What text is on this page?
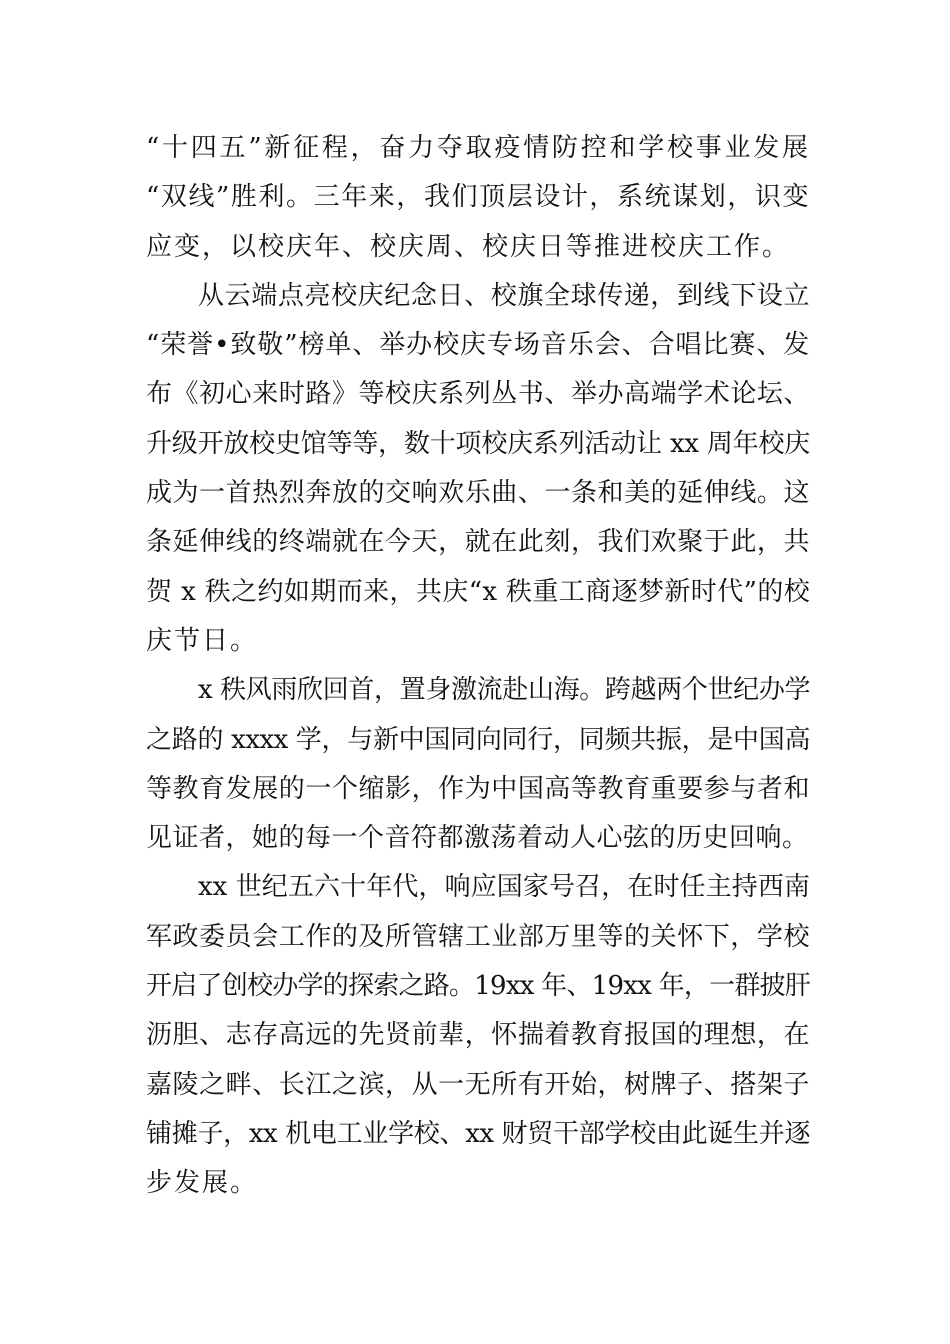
“十四五”新征程，奋力夺取疫情防控和学校事业发展
“双线”胜利。三年来，我们顶层设计，系统谋划，识变
应变，以校庆年、校庆周、校庆日等推进校庆工作。
从云端点亮校庆纪念日、校旗全球传递，到线下设立
“荣誉•致敬”榜单、举办校庆专场音乐会、合唱比赛、发
布《初心来时路》等校庆系列丛书、举办高端学术论坛、
升级开放校史馆等等，数十项校庆系列活动让 xx 周年校庆
成为一首热烈奔放的交响欢乐曲、一条和美的延伸线。这
条延伸线的终端就在今天，就在此刻，我们欢聚于此，共
贺 x 秩之约如期而来，共庆“x 秩重工商逐梦新时代”的校
庆节日。
x 秩风雨欣回首，置身激流赴山海。跨越两个世纪办学
之路的 xxxx 学，与新中国同向同行，同频共振，是中国高
等教育发展的一个缩影，作为中国高等教育重要参与者和
见证者，她的每一个音符都激荡着动人心弦的历史回响。
xx 世纪五六十年代，响应国家号召，在时任主持西南
军政委员会工作的及所管辖工业部万里等的关怀下，学校
开启了创校办学的探索之路。19xx 年、19xx 年，一群披肝
沥胆、志存高远的先贤前辈，怀揣着教育报国的理想，在
嘉陵之畔、长江之滨，从一无所有开始，树牌子、搭架子
铺摊子，xx 机电工业学校、xx 财贸干部学校由此诞生并逐
步发展。
